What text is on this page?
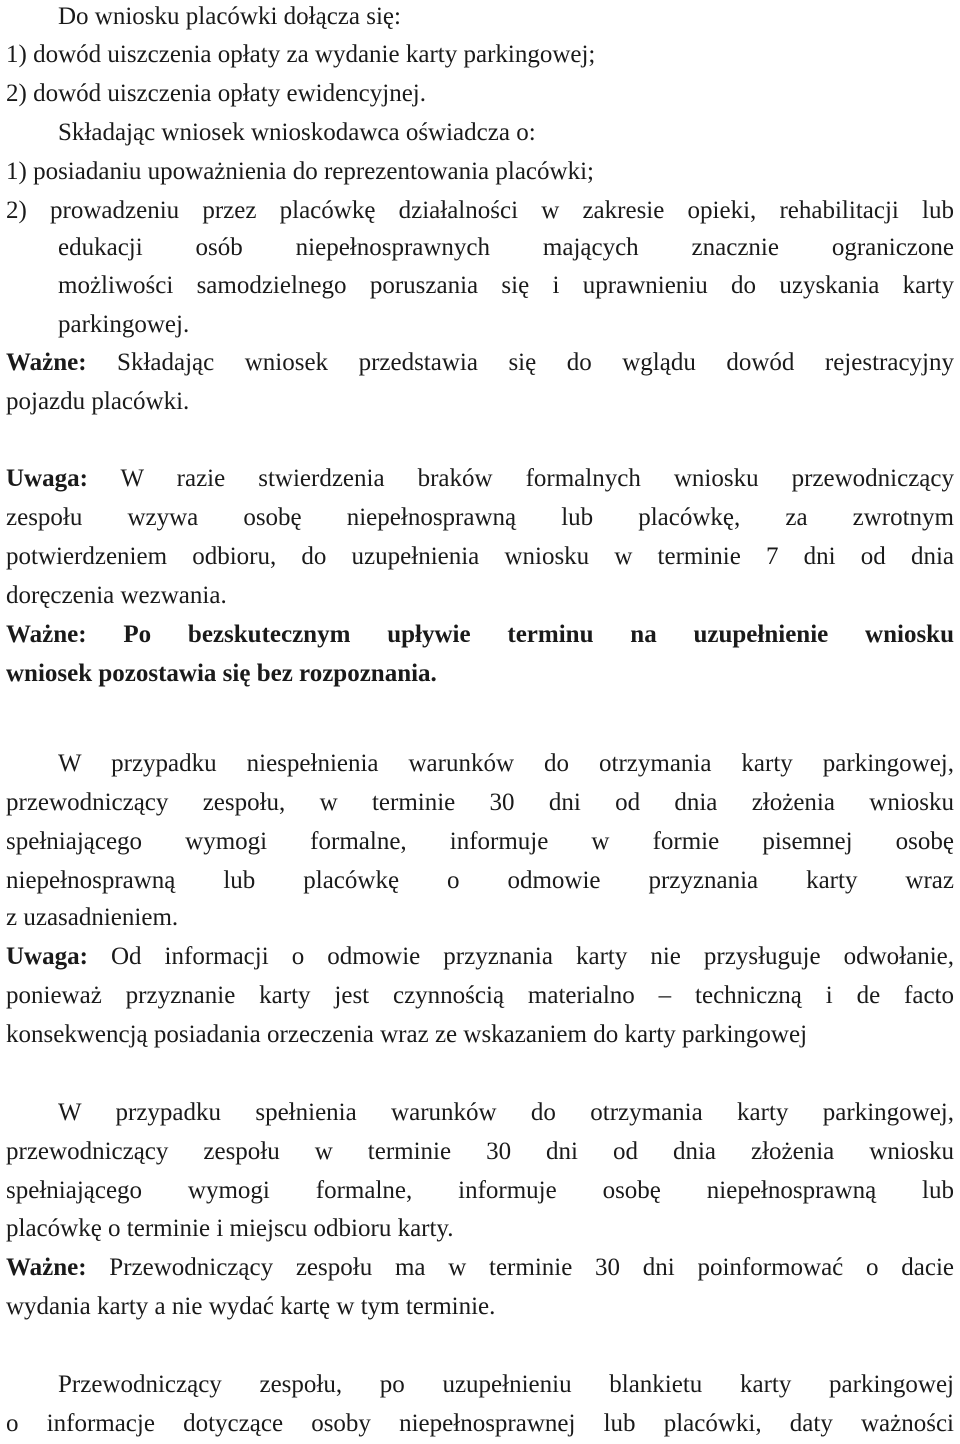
Do wniosku placówki dołącza się:
1) dowód uiszczenia opłaty za wydanie karty parkingowej;
2) dowód uiszczenia opłaty ewidencyjnej.
Składając wniosek wnioskodawca oświadcza o:
1) posiadaniu upoważnienia do reprezentowania placówki;
2) prowadzeniu przez placówkę działalności w zakresie opieki, rehabilitacji lub
edukacji osób niepełnosprawnych mających znacznie ograniczone
możliwości samodzielnego poruszania się i uprawnieniu do uzyskania karty
parkingowej.
Ważne: Składając wniosek przedstawia się do wglądu dowód rejestracyjny
pojazdu placówki.
Uwaga: W razie stwierdzenia braków formalnych wniosku przewodniczący
zespołu wzywa osobę niepełnosprawną lub placówkę, za zwrotnym
potwierdzeniem odbioru, do uzupełnienia wniosku w terminie 7 dni od dnia
doręczenia wezwania.
Ważne: Po bezskutecznym upływie terminu na uzupełnienie wniosku
wniosek pozostawia się bez rozpoznania.
W przypadku niespełnienia warunków do otrzymania karty parkingowej,
przewodniczący zespołu, w terminie 30 dni od dnia złożenia wniosku
spełniającego wymogi formalne, informuje w formie pisemnej osobę
niepełnosprawną lub placówkę o odmowie przyznania karty wraz
z uzasadnieniem.
Uwaga: Od informacji o odmowie przyznania karty nie przysługuje odwołanie,
ponieważ przyznanie karty jest czynnością materialno – techniczną i de facto
konsekwencją posiadania orzeczenia wraz ze wskazaniem do karty parkingowej
W przypadku spełnienia warunków do otrzymania karty parkingowej,
przewodniczący zespołu w terminie 30 dni od dnia złożenia wniosku
spełniającego wymogi formalne, informuje osobę niepełnosprawną lub
placówkę o terminie i miejscu odbioru karty.
Ważne: Przewodniczący zespołu ma w terminie 30 dni poinformować o dacie
wydania karty a nie wydać kartę w tym terminie.
Przewodniczący zespołu, po uzupełnieniu blankietu karty parkingowej
o informacje dotyczące osoby niepełnosprawnej lub placówki, daty ważności
